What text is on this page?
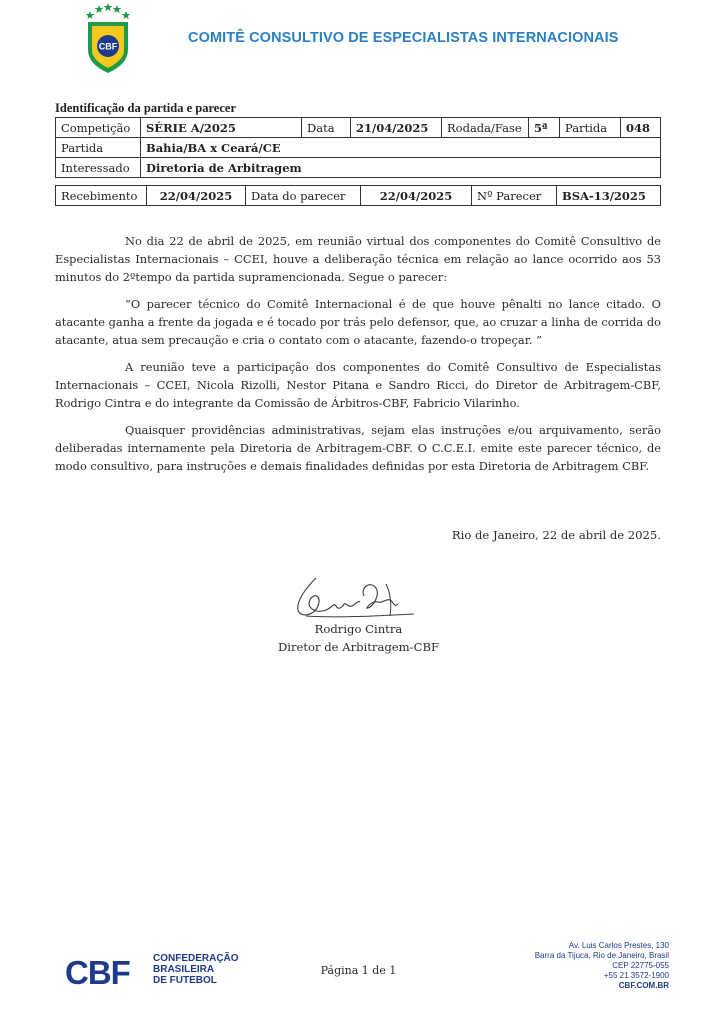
CBF
COMITÊ CONSULTIVO DE ESPECIALISTAS INTERNACIONAIS
Identificação da partida e parecer
Competição	SÉRIE A/2025	Data	21/04/2025	Rodada/Fase	5ª	Partida	048
Partida	Bahia/BA x Ceará/CE						
Interessado	Diretoria de Arbitragem						
Recebimento	22/04/2025	Data do parecer	22/04/2025	Nº Parecer	BSA-13/2025

No dia 22 de abril de 2025, em reunião virtual dos componentes do Comitê Consultivo de Especialistas Internacionais – CCEI, houve a deliberação técnica em relação ao lance ocorrido aos 53 minutos do 2ºtempo da partida supramencionada. Segue o parecer:

“O parecer técnico do Comitê Internacional é de que houve pênalti no lance citado. O atacante ganha a frente da jogada e é tocado por trás pelo defensor, que, ao cruzar a linha de corrida do atacante, atua sem precaução e cria o contato com o atacante, fazendo-o tropeçar. ”

A reunião teve a participação dos componentes do Comitê Consultivo de Especialistas Internacionais – CCEI, Nicola Rizolli, Nestor Pitana e Sandro Ricci, do Diretor de Arbitragem-CBF, Rodrigo Cintra e do integrante da Comissão de Árbitros-CBF, Fabricio Vilarinho.

Quaisquer providências administrativas, sejam elas instruções e/ou arquivamento, serão deliberadas internamente pela Diretoria de Arbitragem-CBF. O C.C.E.I. emite este parecer técnico, de modo consultivo, para instruções e demais finalidades definidas por esta Diretoria de Arbitragem CBF.

Rio de Janeiro, 22 de abril de 2025.
Rodrigo Cintra
Diretor de Arbitragem-CBF
CBF CONFEDERAÇÃO
BRASILEIRA
DE FUTEBOL
Página 1 de 1
Av. Luis Carlos Prestes, 130
Barra da Tijuca, Rio de Janeiro, Brasil
CEP 22775-055
+55 21 3572-1900
CBF.COM.BR
